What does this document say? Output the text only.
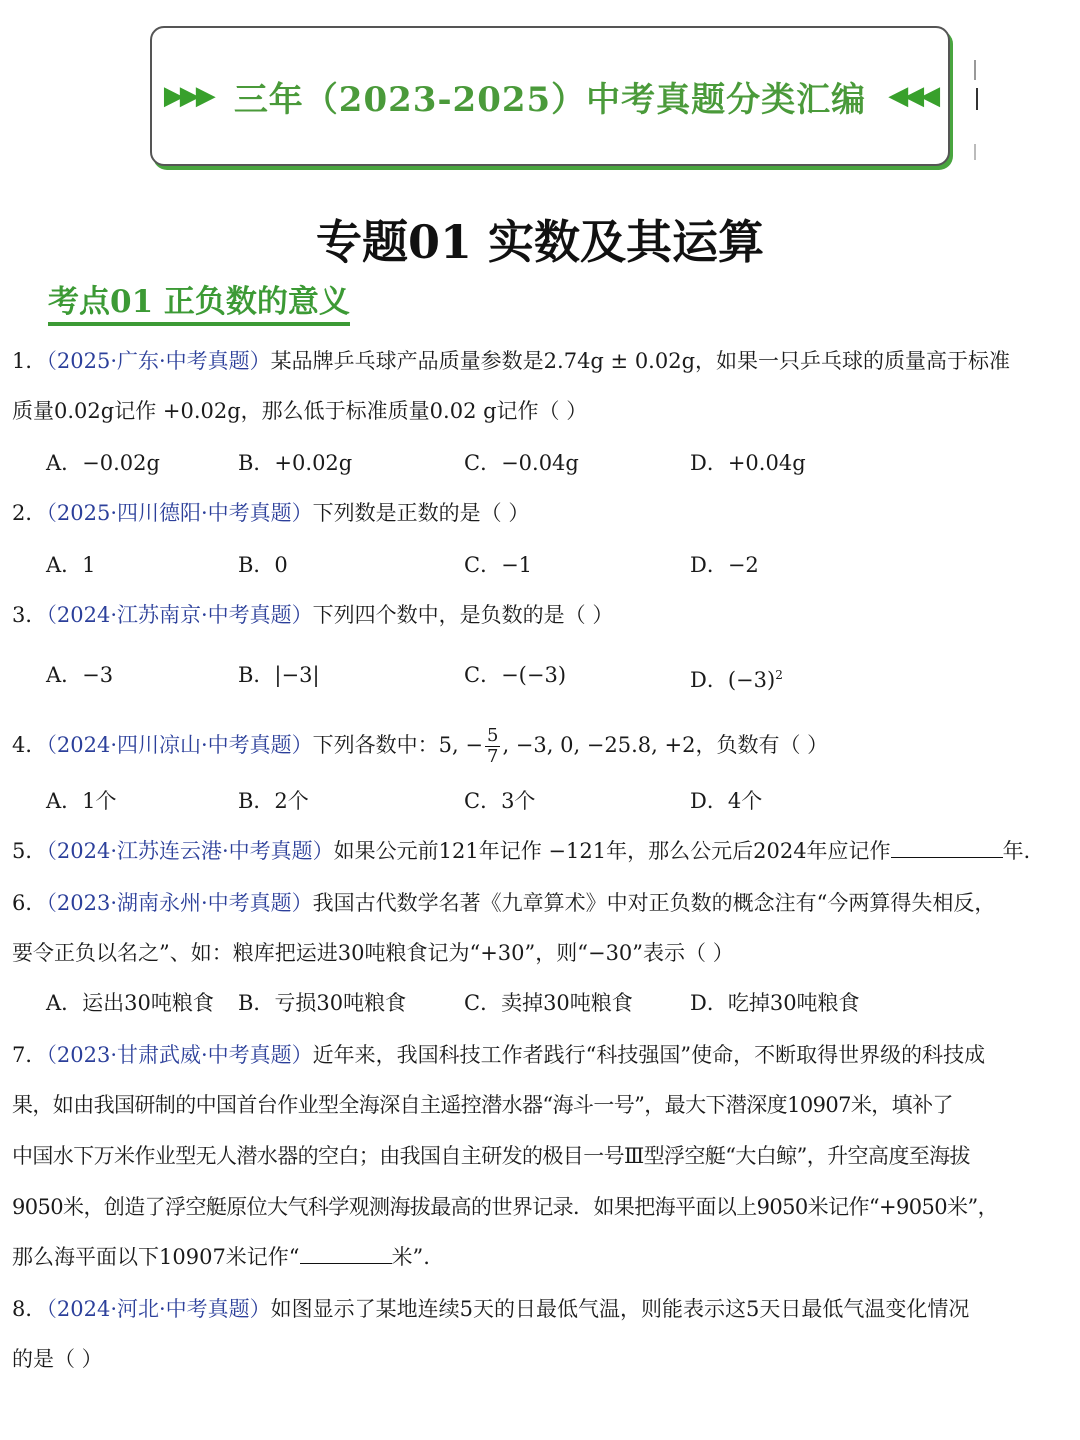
▶▶▶ 三年（2023-2025）中考真题分类汇编 ◀◀◀
专题01 实数及其运算
考点01 正负数的意义
1．（2025·广东·中考真题）某品牌乒乓球产品质量参数是2.74g ± 0.02g，如果一只乒乓球的质量高于标准
质量0.02g记作 +0.02g，那么低于标准质量0.02 g记作（ ）
A．−0.02g	B．+0.02g	C．−0.04g	D．+0.04g
2．（2025·四川德阳·中考真题）下列数是正数的是（ ）
A．1	B．0	C．−1	D．−2
3．（2024·江苏南京·中考真题）下列四个数中，是负数的是（ ）
A．−3	B．|−3|	C．−(−3)	D．$(-3)^2$
4．（2024·四川凉山·中考真题）下列各数中：5, − $\frac{5}{7}$ , −3, 0, −25.8, +2，负数有（ ）
A．1个	B．2个	C．3个	D．4个
5．（2024·江苏连云港·中考真题）如果公元前121年记作 −121年，那么公元后2024年应记作	年.
6．（2023·湖南永州·中考真题）我国古代数学名著《九章算术》中对正负数的概念注有“今两算得失相反，
要令正负以名之”、如：粮库把运进30吨粮食记为“+30”，则“−30”表示（ ）
A．运出30吨粮食 B．亏损30吨粮食	C．卖掉30吨粮食	D．吃掉30吨粮食
7．（2023·甘肃武威·中考真题）近年来，我国科技工作者践行“科技强国”使命，不断取得世界级的科技成
果，如由我国研制的中国首台作业型全海深自主遥控潜水器“海斗一号”，最大下潜深度10907米，填补了
中国水下万米作业型无人潜水器的空白；由我国自主研发的极目一号Ⅲ型浮空艇“大白鲸”，升空高度至海拔
9050米，创造了浮空艇原位大气科学观测海拔最高的世界记录．如果把海平面以上9050米记作“+9050米”，
那么海平面以下10907米记作“	米”.
8．（2024·河北·中考真题）如图显示了某地连续5天的日最低气温，则能表示这5天日最低气温变化情况
的是（ ）
